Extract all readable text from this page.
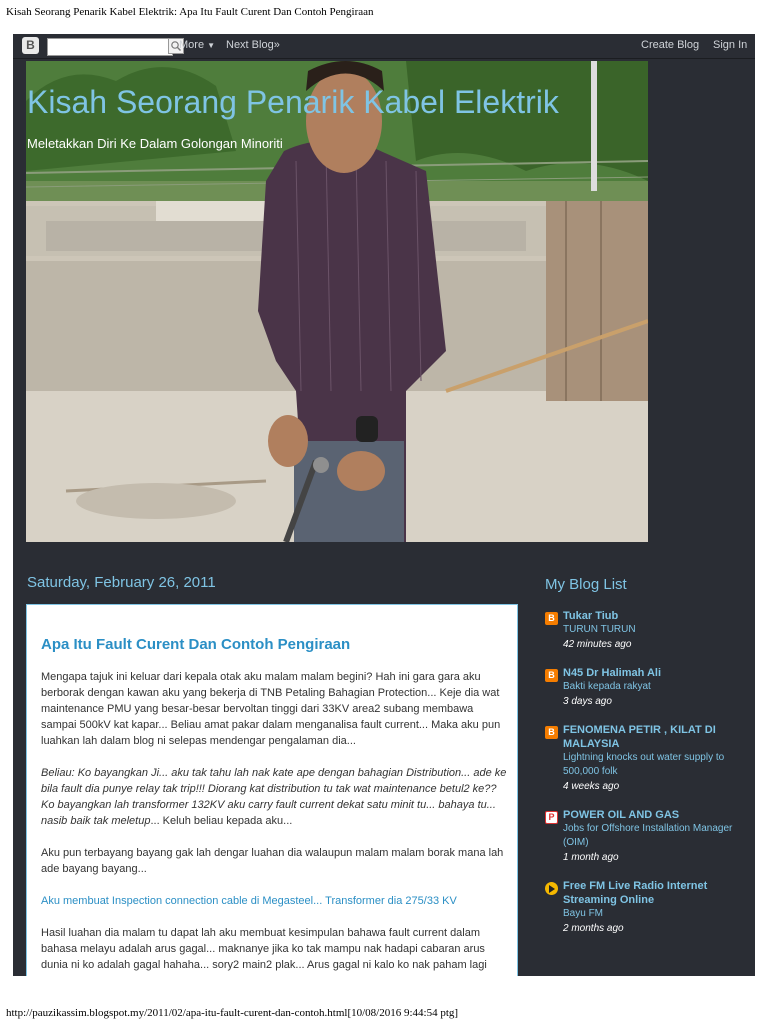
Kisah Seorang Penarik Kabel Elektrik: Apa Itu Fault Curent Dan Contoh Pengiraan
B	More ▼ Next Blog»	Create Blog Sign In
Kisah Seorang Penarik Kabel Elektrik
Meletakkan Diri Ke Dalam Golongan Minoriti
Saturday, February 26, 2011
Apa Itu Fault Curent Dan Contoh Pengiraan

Mengapa tajuk ini keluar dari kepala otak aku malam malam begini? Hah ini gara gara aku berborak dengan kawan aku yang bekerja di TNB Petaling Bahagian Protection... Keje dia wat maintenance PMU yang besar-besar bervoltan tinggi dari 33KV area2 subang membawa sampai 500kV kat kapar... Beliau amat pakar dalam menganalisa fault current... Maka aku pun luahkan lah dalam blog ni selepas mendengar pengalaman dia...

Beliau: Ko bayangkan Ji... aku tak tahu lah nak kate ape dengan bahagian Distribution... ade ke bila fault dia punye relay tak trip!!! Diorang kat distribution tu tak wat maintenance betul2 ke?? Ko bayangkan lah transformer 132KV aku carry fault current dekat satu minit tu... bahaya tu... nasib baik tak meletup... Keluh beliau kepada aku...

Aku pun terbayang bayang gak lah dengar luahan dia walaupun malam malam borak mana lah ade bayang bayang...

Aku membuat Inspection connection cable di Megasteel... Transformer dia 275/33 KV

Hasil luahan dia malam tu dapat lah aku membuat kesimpulan bahawa fault current dalam bahasa melayu adalah arus gagal... maknanye jika ko tak mampu nak hadapi cabaran arus dunia ni ko adalah gagal hahaha... sory2 main2 plak... Arus gagal ni kalo ko nak paham lagi

My Blog List
B Tukar Tiub
TURUN TURUN
42 minutes ago
B N45 Dr Halimah Ali
Bakti kepada rakyat
3 days ago
B FENOMENA PETIR , KILAT DI MALAYSIA
Lightning knocks out water supply to 500,000 folk
4 weeks ago
P POWER OIL AND GAS
Jobs for Offshore Installation Manager (OIM)
1 month ago
Free FM Live Radio Internet Streaming Online
Bayu FM
2 months ago
http://pauzikassim.blogspot.my/2011/02/apa-itu-fault-curent-dan-contoh.html[10/08/2016 9:44:54 ptg]
